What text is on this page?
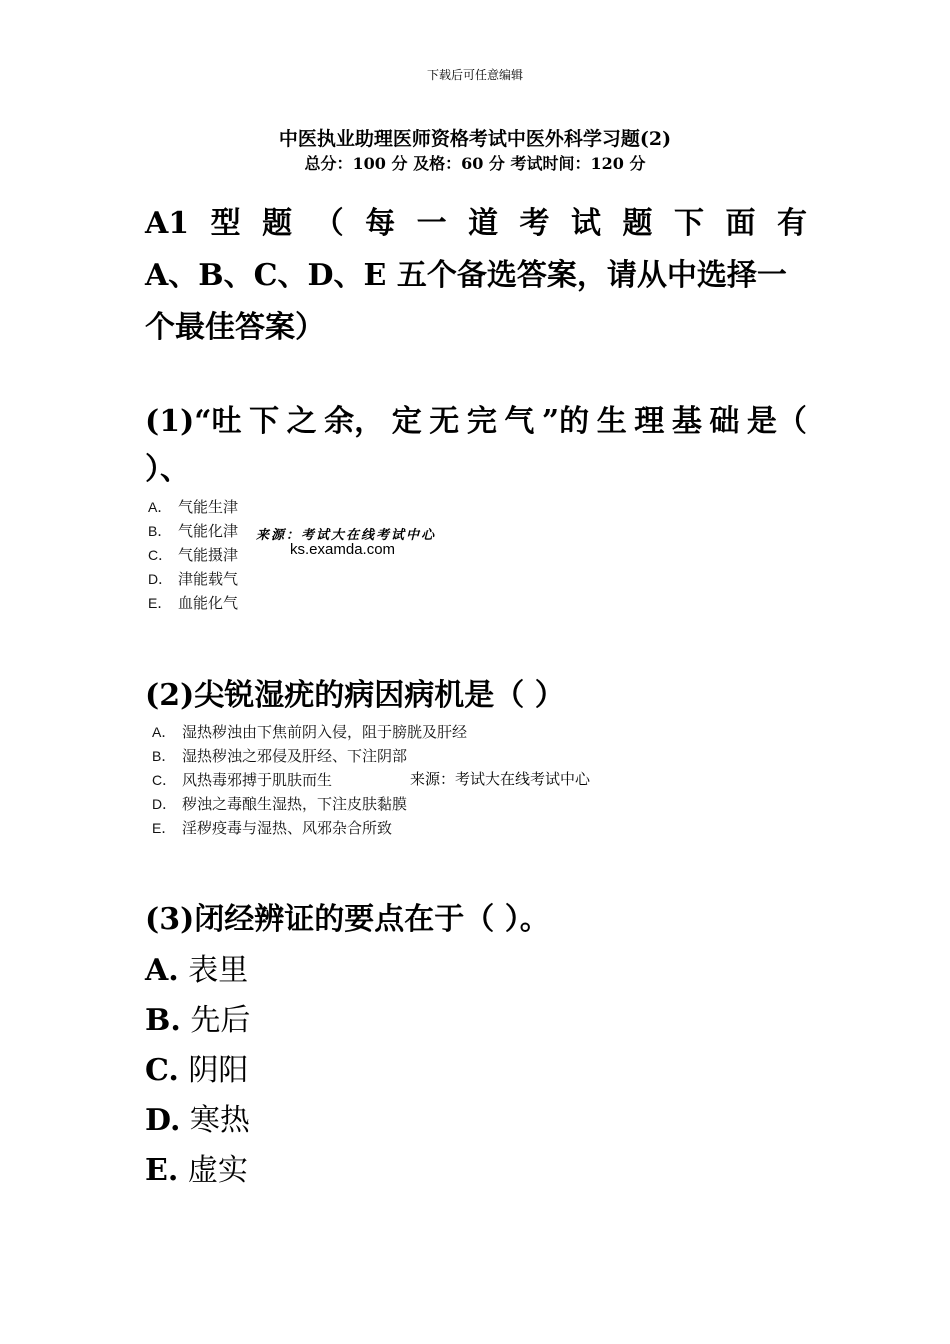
下载后可任意编辑
中医执业助理医师资格考试中医外科学习题(2)
总分：100 分 及格：60 分 考试时间：120 分
A1 型 题 （ 每 一 道 考 试 题 下 面 有
A、B、C、D、E 五个备选答案，请从中选择一
个最佳答案）
(1)“吐 下 之 余， 定 无 完 气 ”的 生 理 基 础 是（
）、
A． 气能生津
B． 气能化津
C． 气能摄津
D． 津能载气
E． 血能化气
来源：考试大在线考试中心
ks.examda.com
(2)尖锐湿疣的病因病机是（ ）
A． 湿热秽浊由下焦前阴入侵，阻于膀胱及肝经
B． 湿热秽浊之邪侵及肝经、下注阴部
C． 风热毒邪搏于肌肤而生
D． 秽浊之毒酿生湿热，下注皮肤黏膜
E． 淫秽疫毒与湿热、风邪杂合所致
来源：考试大在线考试中心
(3)闭经辨证的要点在于（ ）。
A. 表里
B. 先后
C. 阴阳
D. 寒热
E. 虚实
